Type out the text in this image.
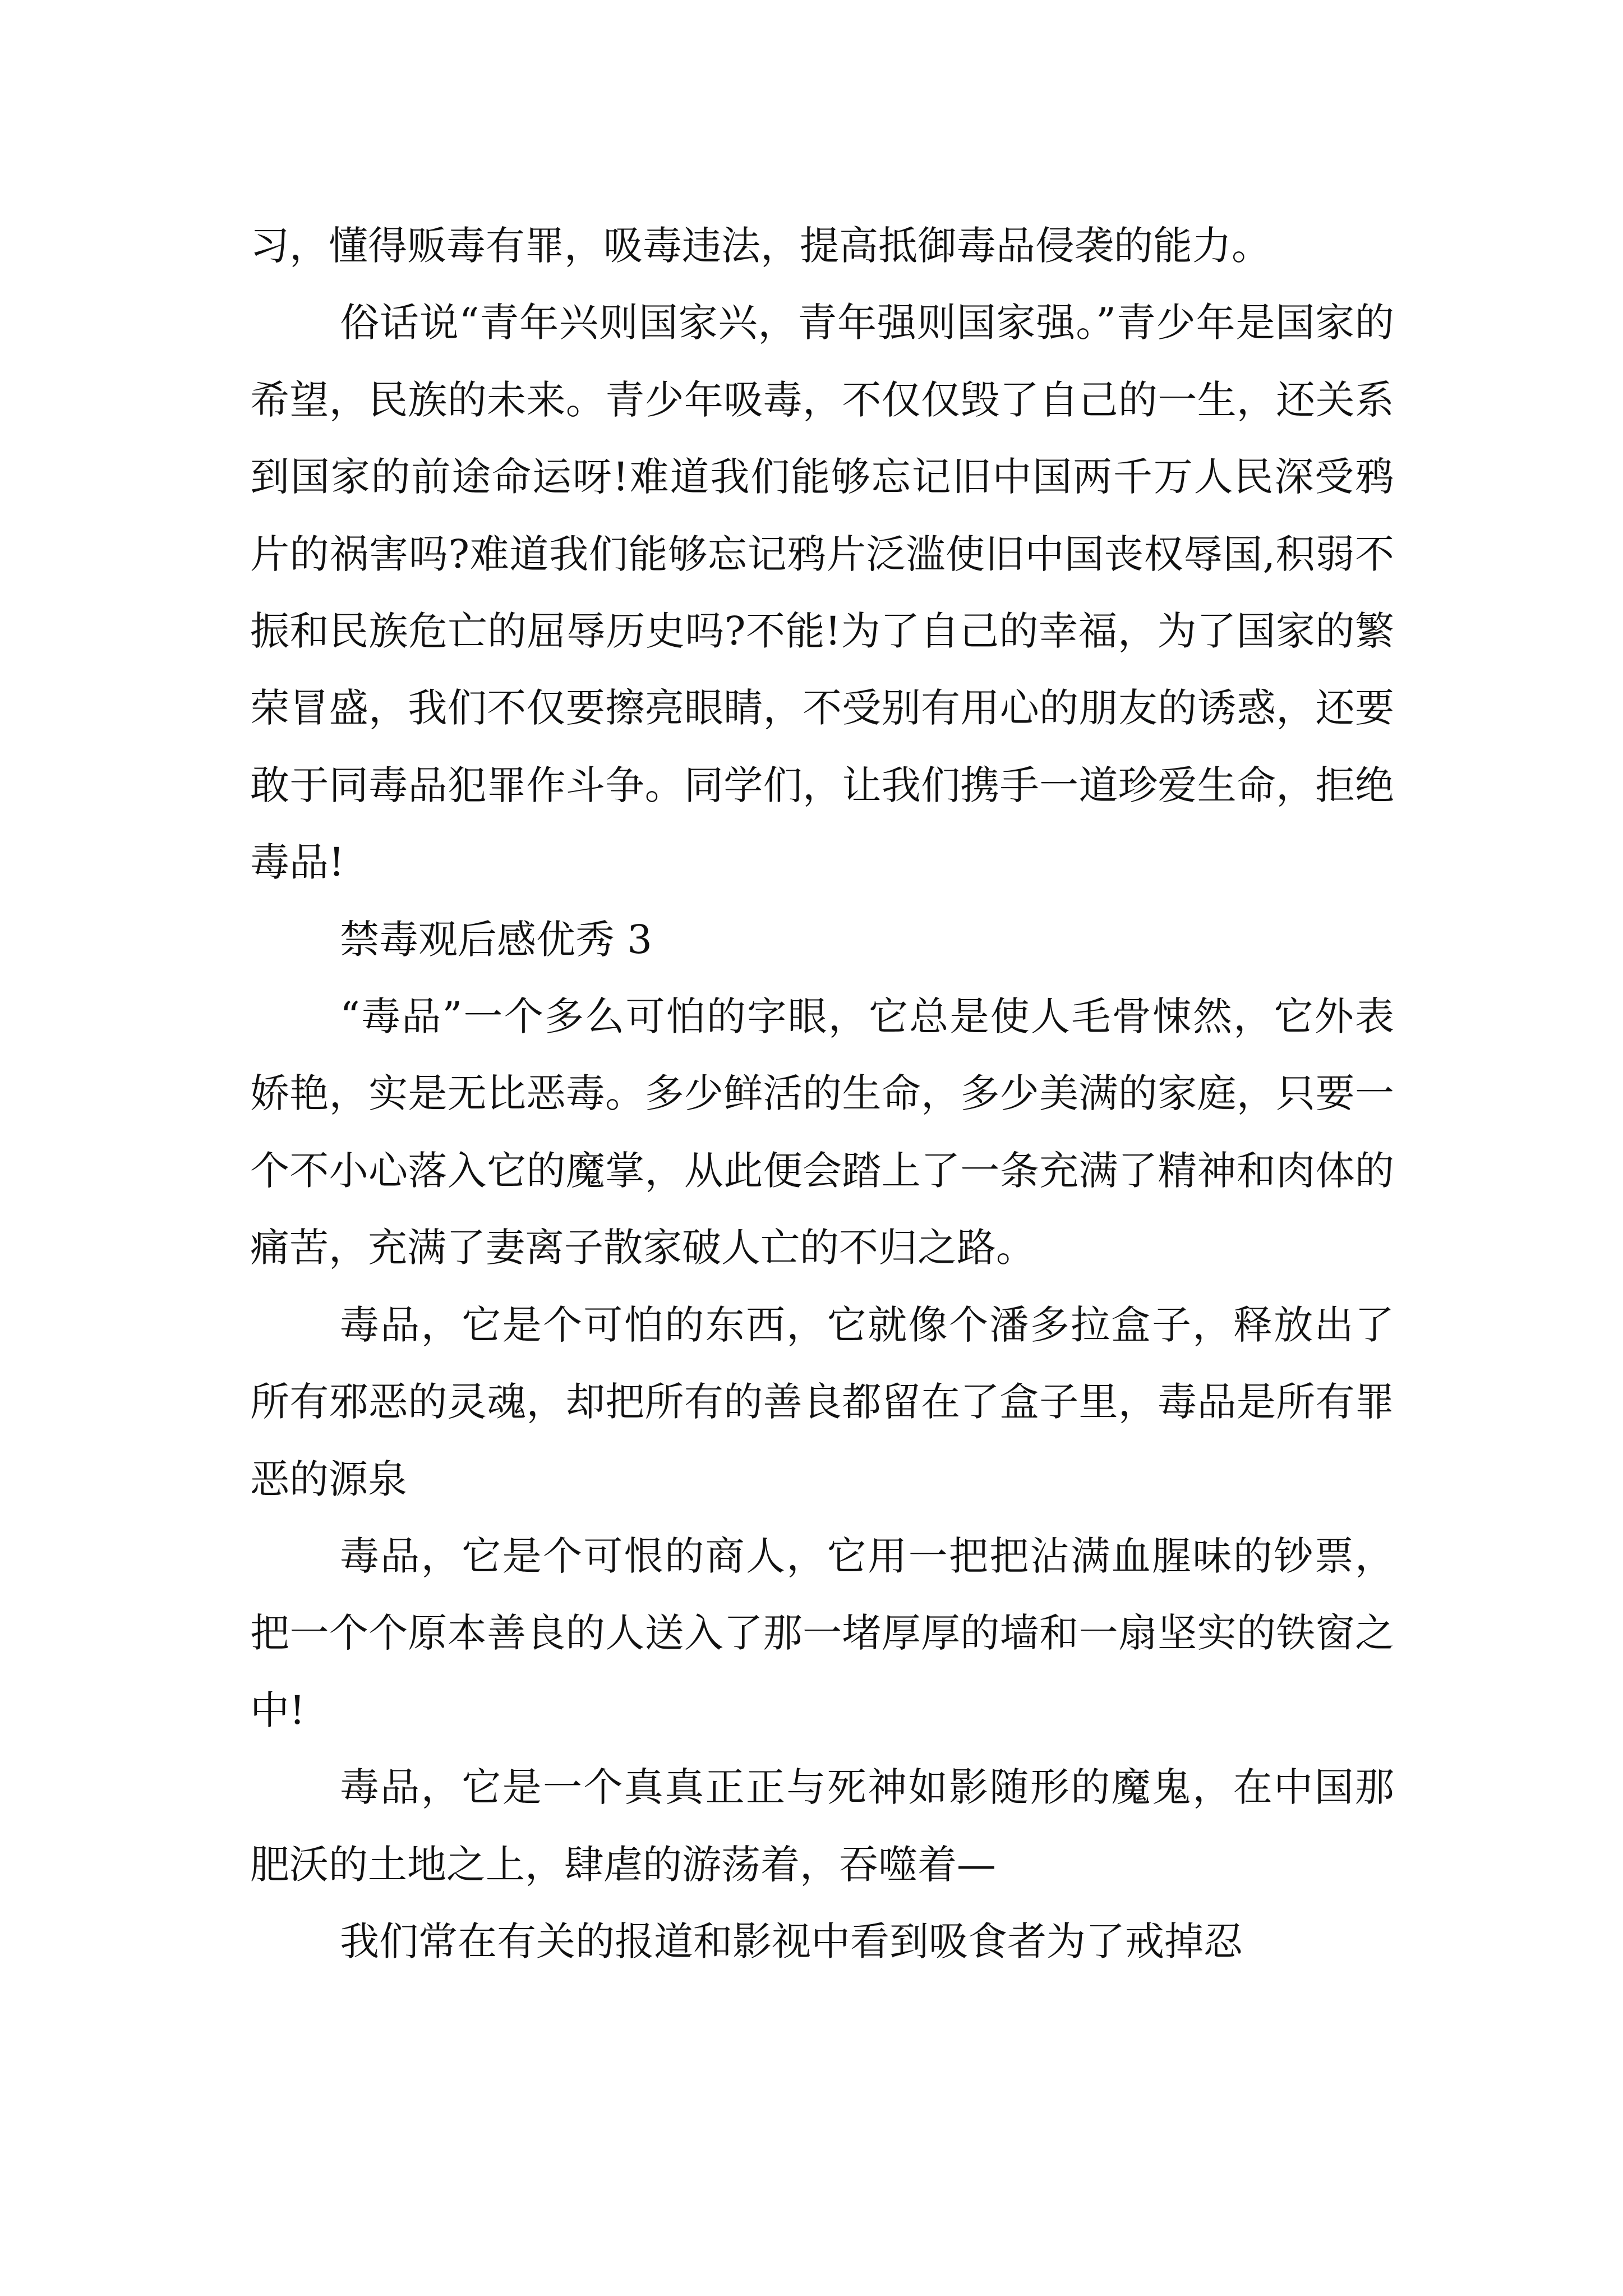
习，懂得贩毒有罪，吸毒违法，提高抵御毒品侵袭的能力。

俗话说“青年兴则国家兴，青年强则国家强。”青少年是国家的希望，民族的未来。青少年吸毒，不仅仅毁了自己的一生，还关系到国家的前途命运呀!难道我们能够忘记旧中国两千万人民深受鸦片的祸害吗?难道我们能够忘记鸦片泛滥使旧中国丧权辱国,积弱不振和民族危亡的屈辱历史吗?不能!为了自己的幸福，为了国家的繁荣冒盛，我们不仅要擦亮眼睛，不受别有用心的朋友的诱惑，还要敢于同毒品犯罪作斗争。同学们，让我们携手一道珍爱生命，拒绝毒品!

禁毒观后感优秀 3

“毒品”一个多么可怕的字眼，它总是使人毛骨悚然，它外表娇艳，实是无比恶毒。多少鲜活的生命，多少美满的家庭，只要一个不小心落入它的魔掌，从此便会踏上了一条充满了精神和肉体的痛苦，充满了妻离子散家破人亡的不归之路。

毒品，它是个可怕的东西，它就像个潘多拉盒子，释放出了所有邪恶的灵魂，却把所有的善良都留在了盒子里，毒品是所有罪恶的源泉

毒品，它是个可恨的商人，它用一把把沾满血腥味的钞票，把一个个原本善良的人送入了那一堵厚厚的墙和一扇坚实的铁窗之中!

毒品，它是一个真真正正与死神如影随形的魔鬼，在中国那肥沃的土地之上，肆虐的游荡着，吞噬着—

我们常在有关的报道和影视中看到吸食者为了戒掉忍
